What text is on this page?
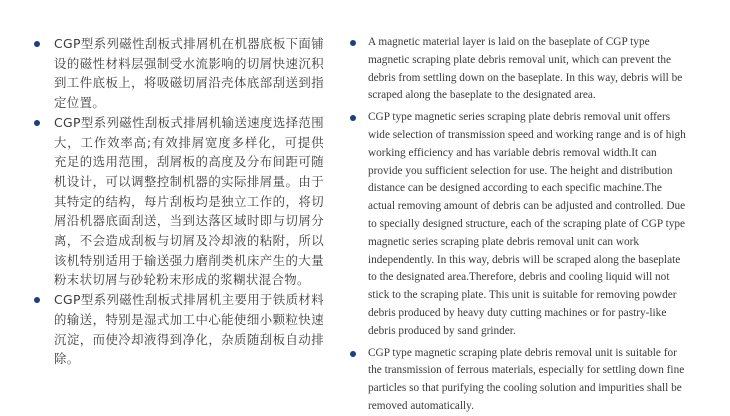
CGP型系列磁性刮板式排屑机在机器底板下面铺设的磁性材料层强制受水流影响的切屑快速沉积到工件底板上，将吸磁切屑沿壳体底部刮送到指定位置。
CGP型系列磁性刮板式排屑机输送速度选择范围大，工作效率高;有效排屑宽度多样化，可提供充足的选用范围，刮屑板的高度及分布间距可随机设计，可以调整控制机器的实际排屑量。由于其特定的结构，每片刮板均是独立工作的，将切屑沿机器底面刮送，当到达落区域时即与切屑分离，不会造成刮板与切屑及冷却液的粘附，所以该机特别适用于输送强力磨削类机床产生的大量粉末状切屑与砂轮粉末形成的浆糊状混合物。
CGP型系列磁性刮板式排屑机主要用于铁质材料的输送，特别是湿式加工中心能使细小颗粒快速沉淀，而使冷却液得到净化，杂质随刮板自动排除。
A magnetic material layer is laid on the baseplate of CGP type magnetic scraping plate debris removal unit, which can prevent the debris from settling down on the baseplate. In this way, debris will be scraped along the baseplate to the designated area.
CGP type magnetic series scraping plate debris removal unit offers wide selection of transmission speed and working range and is of high working efficiency and has variable debris removal width.It can provide you sufficient selection for use. The height and distribution distance can be designed according to each specific machine.The actual removing amount of debris can be adjusted and controlled. Due to specially designed structure, each of the scraping plate of CGP type magnetic series scraping plate debris removal unit can work independently. In this way, debris will be scraped along the baseplate to the designated area.Therefore, debris and cooling liquid will not stick to the scraping plate. This unit is suitable for removing powder debris produced by heavy duty cutting machines or for pastry-like debris produced by sand grinder.
CGP type magnetic scraping plate debris removal unit is suitable for the transmission of ferrous materials, especially for settling down fine particles so that purifying the cooling solution and impurities shall be removed automatically.
